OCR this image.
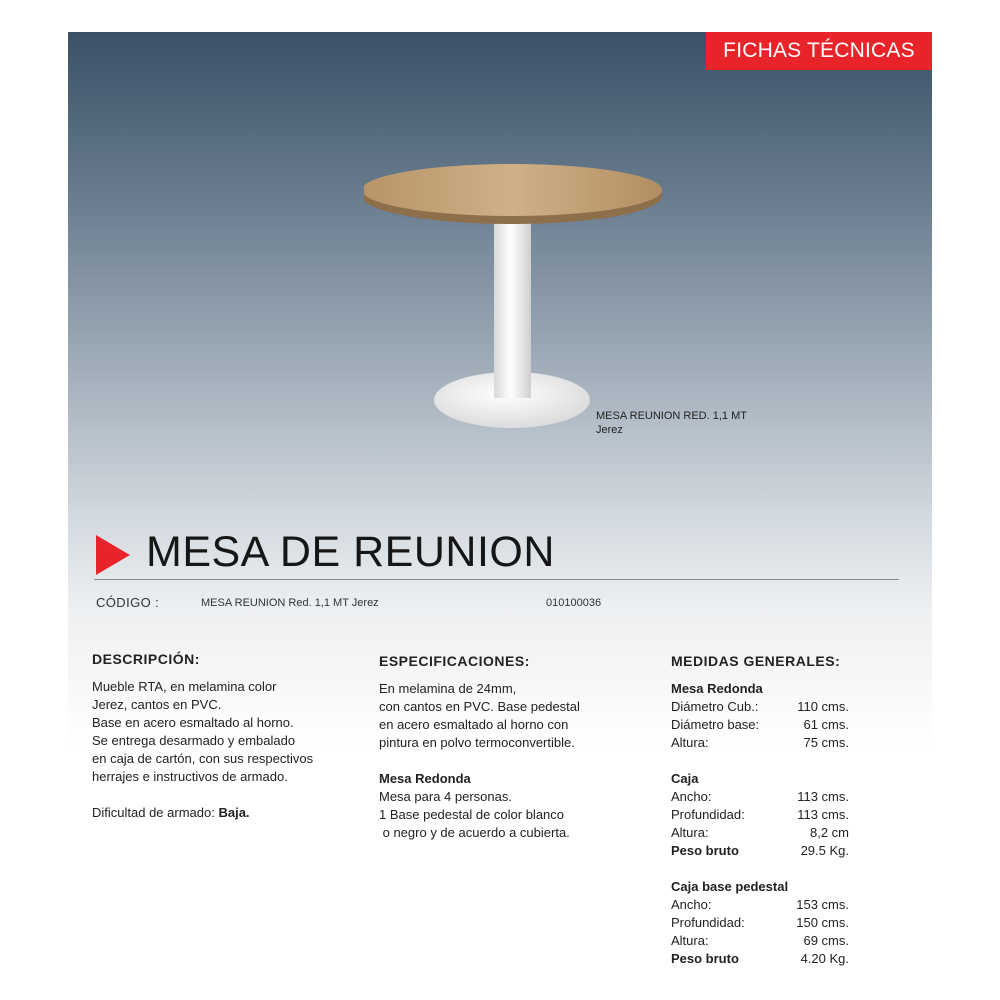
FICHAS TÉCNICAS
MESA REUNION RED. 1,1 MT
Jerez
MESA DE REUNION
CÓDIGO :	MESA REUNION Red. 1,1 MT Jerez	010100036
DESCRIPCIÓN:

Mueble RTA, en melamina color
Jerez, cantos en PVC.
Base en acero esmaltado al horno.
Se entrega desarmado y embalado
en caja de cartón, con sus respectivos
herrajes e instructivos de armado.

Dificultad de armado: Baja.

ESPECIFICACIONES:

En melamina de 24mm,
con cantos en PVC. Base pedestal
en acero esmaltado al horno con
pintura en polvo termoconvertible.

Mesa Redonda
Mesa para 4 personas.
1 Base pedestal de color blanco
o negro y de acuerdo a cubierta.

MEDIDAS GENERALES:
Mesa Redonda
Diámetro Cub.:	110 cms.
Diámetro base:	61 cms.
Altura:	75 cms.
Caja
Ancho:	113 cms.
Profundidad:	113 cms.
Altura:	8,2 cm
Peso bruto	29.5 Kg.
Caja base pedestal
Ancho:	153 cms.
Profundidad:	150 cms.
Altura:	69 cms.
Peso bruto	4.20 Kg.
